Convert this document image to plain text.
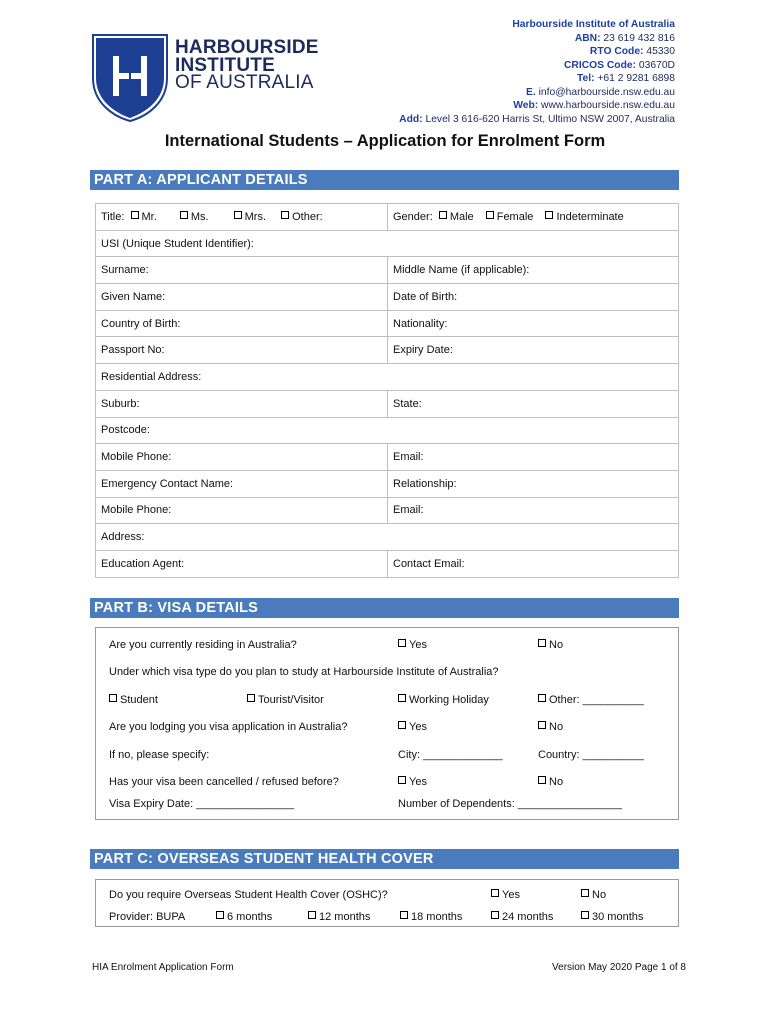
HARBOURSIDE
INSTITUTE
OF AUSTRALIA
Harbourside Institute of Australia
ABN: 23 619 432 816
RTO Code: 45330
CRICOS Code: 03670D
Tel: +61 2 9281 6898
E. info@harbourside.nsw.edu.au
Web: www.harbourside.nsw.edu.au
Add: Level 3 616-620 Harris St, Ultimo NSW 2007, Australia
International Students – Application for Enrolment Form
PART A: APPLICANT DETAILS
Title: Mr. Ms. Mrs. Other:	Gender: Male Female Indeterminate
USI (Unique Student Identifier):	
Surname:	Middle Name (if applicable):
Given Name:	Date of Birth:
Country of Birth:	Nationality:
Passport No:	Expiry Date:
Residential Address:	
Suburb:	State:
Postcode:	
Mobile Phone:	Email:
Emergency Contact Name:	Relationship:
Mobile Phone:	Email:
Address:	
Education Agent:	Contact Email:
PART B: VISA DETAILS
Are you currently residing in Australia?	Yes	No
Under which visa type do you plan to study at Harbourside Institute of Australia?
Student	Tourist/Visitor	Working Holiday	Other: __________
Are you lodging you visa application in Australia?	Yes	No
If no, please specify:	City: _____________	Country: __________
Has your visa been cancelled / refused before?	Yes	No
Visa Expiry Date: ________________	Number of Dependents: _________________
PART C: OVERSEAS STUDENT HEALTH COVER
Do you require Overseas Student Health Cover (OSHC)?	Yes	No
Provider: BUPA	6 months	12 months	18 months	24 months	30 months
HIA Enrolment Application Form	Version May 2020 Page 1 of 8
